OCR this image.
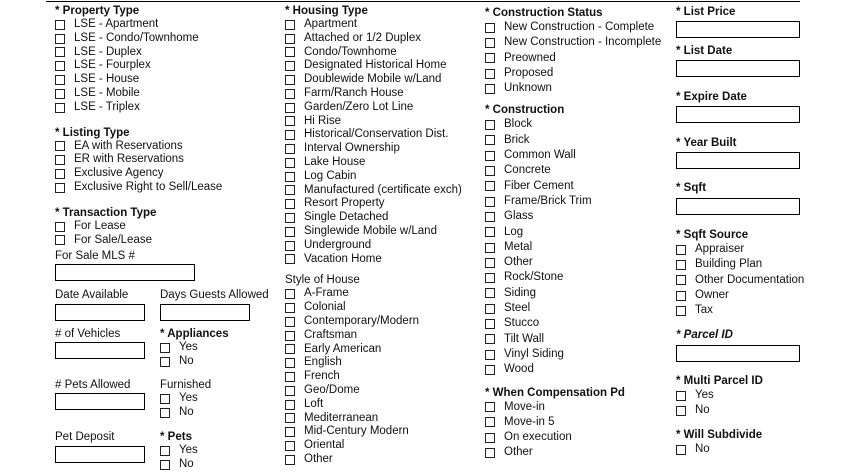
* Property Type
LSE - Apartment
LSE - Condo/Townhome
LSE - Duplex
LSE - Fourplex
LSE - House
LSE - Mobile
LSE - Triplex
* Listing Type
EA with Reservations
ER with Reservations
Exclusive Agency
Exclusive Right to Sell/Lease
* Transaction Type
For Lease
For Sale/Lease
For Sale MLS #
Date Available	Days Guests Allowed
# of Vehicles	* Appliances
Yes
No
# Pets Allowed	Furnished
Yes
No
Pet Deposit	* Pets
Yes
No
* Housing Type
Apartment
Attached or 1/2 Duplex
Condo/Townhome
Designated Historical Home
Doublewide Mobile w/Land
Farm/Ranch House
Garden/Zero Lot Line
Hi Rise
Historical/Conservation Dist.
Interval Ownership
Lake House
Log Cabin
Manufactured (certificate exch)
Resort Property
Single Detached
Singlewide Mobile w/Land
Underground
Vacation Home
Style of House
A-Frame
Colonial
Contemporary/Modern
Craftsman
Early American
English
French
Geo/Dome
Loft
Mediterranean
Mid-Century Modern
Oriental
Other
* Construction Status
New Construction - Complete
New Construction - Incomplete
Preowned
Proposed
Unknown
* Construction
Block
Brick
Common Wall
Concrete
Fiber Cement
Frame/Brick Trim
Glass
Log
Metal
Other
Rock/Stone
Siding
Steel
Stucco
Tilt Wall
Vinyl Siding
Wood
* When Compensation Pd
Move-in
Move-in 5
On execution
Other
* List Price
* List Date
* Expire Date
* Year Built
* Sqft
* Sqft Source
Appraiser
Building Plan
Other Documentation
Owner
Tax
* Parcel ID
* Multi Parcel ID
Yes
No
* Will Subdivide
No
